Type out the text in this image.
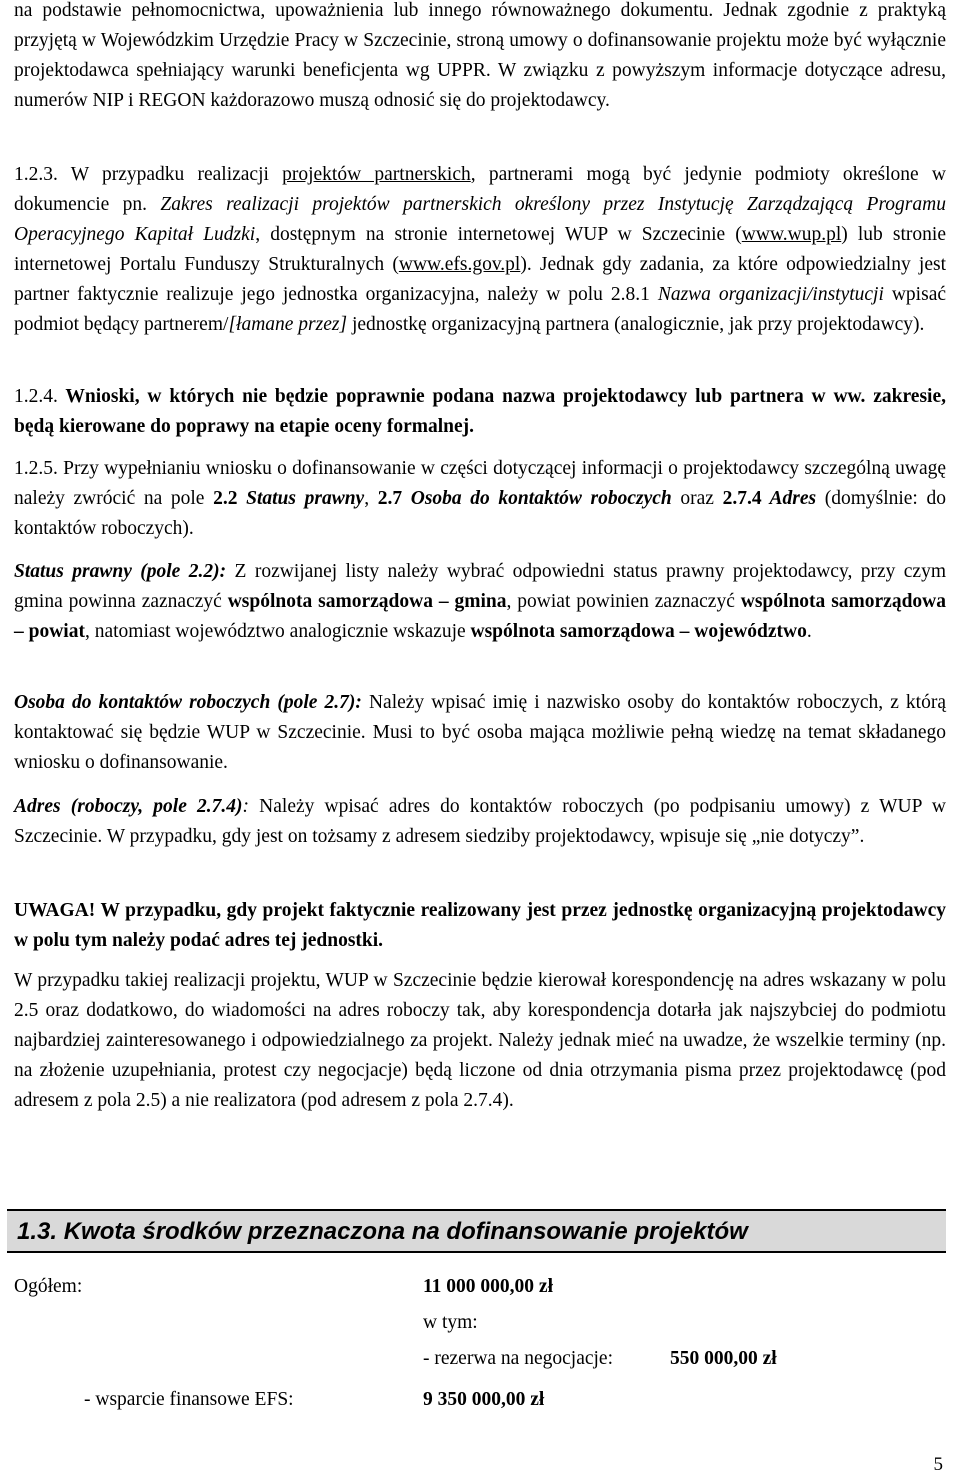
na podstawie pełnomocnictwa, upoważnienia lub innego równoważnego dokumentu. Jednak zgodnie z praktyką przyjętą w Wojewódzkim Urzędzie Pracy w Szczecinie, stroną umowy o dofinansowanie projektu może być wyłącznie projektodawca spełniający warunki beneficjenta wg UPPR. W związku z powyższym informacje dotyczące adresu, numerów NIP i REGON każdorazowo muszą odnosić się do projektodawcy.

1.2.3. W przypadku realizacji projektów partnerskich, partnerami mogą być jedynie podmioty określone w dokumencie pn. Zakres realizacji projektów partnerskich określony przez Instytucję Zarządzającą Programu Operacyjnego Kapitał Ludzki, dostępnym na stronie internetowej WUP w Szczecinie (www.wup.pl) lub stronie internetowej Portalu Funduszy Strukturalnych (www.efs.gov.pl). Jednak gdy zadania, za które odpowiedzialny jest partner faktycznie realizuje jego jednostka organizacyjna, należy w polu 2.8.1 Nazwa organizacji/instytucji wpisać podmiot będący partnerem/[łamane przez] jednostkę organizacyjną partnera (analogicznie, jak przy projektodawcy).

1.2.4. Wnioski, w których nie będzie poprawnie podana nazwa projektodawcy lub partnera w ww. zakresie, będą kierowane do poprawy na etapie oceny formalnej.

1.2.5. Przy wypełnianiu wniosku o dofinansowanie w części dotyczącej informacji o projektodawcy szczególną uwagę należy zwrócić na pole 2.2 Status prawny, 2.7 Osoba do kontaktów roboczych oraz 2.7.4 Adres (domyślnie: do kontaktów roboczych).

Status prawny (pole 2.2): Z rozwijanej listy należy wybrać odpowiedni status prawny projektodawcy, przy czym gmina powinna zaznaczyć wspólnota samorządowa – gmina, powiat powinien zaznaczyć wspólnota samorządowa – powiat, natomiast województwo analogicznie wskazuje wspólnota samorządowa – województwo.

Osoba do kontaktów roboczych (pole 2.7): Należy wpisać imię i nazwisko osoby do kontaktów roboczych, z którą kontaktować się będzie WUP w Szczecinie. Musi to być osoba mająca możliwie pełną wiedzę na temat składanego wniosku o dofinansowanie.

Adres (roboczy, pole 2.7.4): Należy wpisać adres do kontaktów roboczych (po podpisaniu umowy) z WUP w Szczecinie. W przypadku, gdy jest on tożsamy z adresem siedziby projektodawcy, wpisuje się „nie dotyczy”.

UWAGA! W przypadku, gdy projekt faktycznie realizowany jest przez jednostkę organizacyjną projektodawcy w polu tym należy podać adres tej jednostki.

W przypadku takiej realizacji projektu, WUP w Szczecinie będzie kierował korespondencję na adres wskazany w polu 2.5 oraz dodatkowo, do wiadomości na adres roboczy tak, aby korespondencja dotarła jak najszybciej do podmiotu najbardziej zainteresowanego i odpowiedzialnego za projekt. Należy jednak mieć na uwadze, że wszelkie terminy (np. na złożenie uzupełniania, protest czy negocjacje) będą liczone od dnia otrzymania pisma przez projektodawcę (pod adresem z pola 2.5) a nie realizatora (pod adresem z pola 2.7.4).

1.3. Kwota środków przeznaczona na dofinansowanie projektów
Ogółem:	11 000 000,00 zł
w tym:
- rezerwa na negocjacje:	550 000,00 zł
- wsparcie finansowe EFS:	9 350 000,00 zł
5
